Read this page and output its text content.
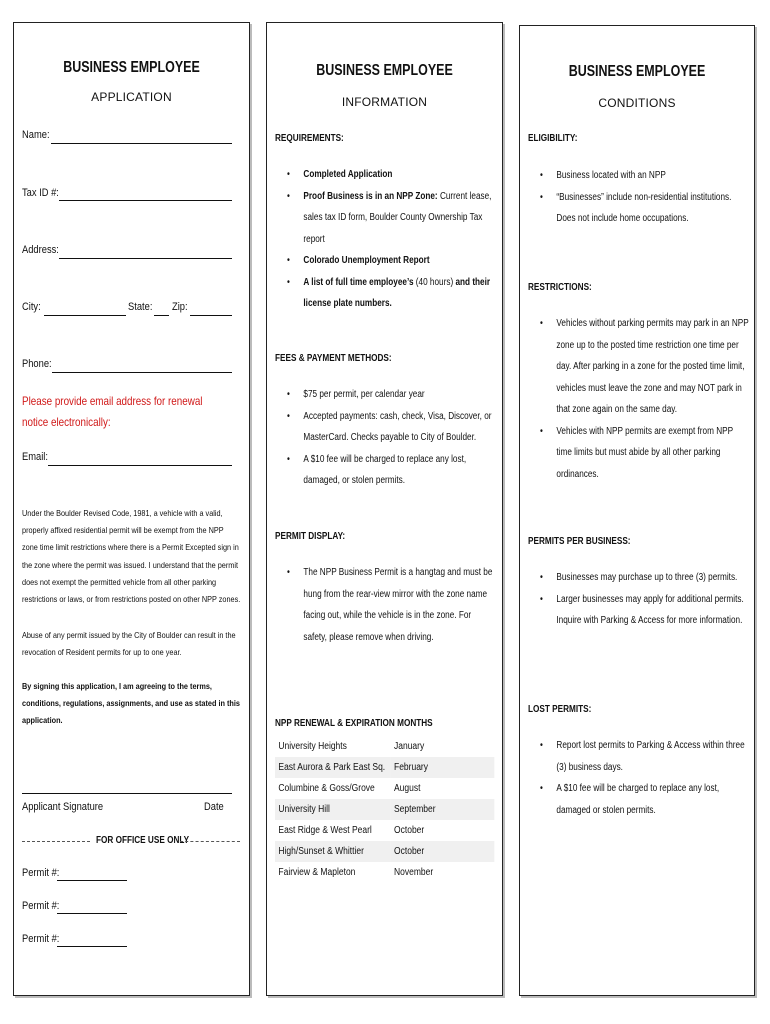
BUSINESS EMPLOYEE
APPLICATION
Name:
Tax ID #:
Address:
City:	State: Zip:
Phone:
Please provide email address for renewal notice electronically:
Email:
Under the Boulder Revised Code, 1981, a vehicle with a valid, properly affixed residential permit will be exempt from the NPP zone time limit restrictions where there is a Permit Excepted sign in the zone where the permit was issued. I understand that the permit does not exempt the permitted vehicle from all other parking restrictions or laws, or from restrictions posted on other NPP zones.
Abuse of any permit issued by the City of Boulder can result in the revocation of Resident permits for up to one year.
By signing this application, I am agreeing to the terms, conditions, regulations, assignments, and use as stated in this application.
Applicant Signature	Date
FOR OFFICE USE ONLY
Permit #:
Permit #:
Permit #:
BUSINESS EMPLOYEE
INFORMATION
REQUIREMENTS:
• Completed Application
• Proof Business is in an NPP Zone: Current lease, sales tax ID form, Boulder County Ownership Tax report
• Colorado Unemployment Report
• A list of full time employee’s (40 hours) and their license plate numbers.
FEES & PAYMENT METHODS:
• $75 per permit, per calendar year
• Accepted payments: cash, check, Visa, Discover, or MasterCard. Checks payable to City of Boulder.
• A $10 fee will be charged to replace any lost, damaged, or stolen permits.
PERMIT DISPLAY:
• The NPP Business Permit is a hangtag and must be hung from the rear-view mirror with the zone name facing out, while the vehicle is in the zone. For safety, please remove when driving.
NPP RENEWAL & EXPIRATION MONTHS
University Heights	January
East Aurora & Park East Sq.	February
Columbine & Goss/Grove	August
University Hill	September
East Ridge & West Pearl	October
High/Sunset & Whittier	October
Fairview & Mapleton	November
BUSINESS EMPLOYEE
CONDITIONS
ELIGIBILITY:
• Business located with an NPP
• “Businesses” include non-residential institutions. Does not include home occupations.
RESTRICTIONS:
• Vehicles without parking permits may park in an NPP zone up to the posted time restriction one time per day. After parking in a zone for the posted time limit, vehicles must leave the zone and may NOT park in that zone again on the same day.
• Vehicles with NPP permits are exempt from NPP time limits but must abide by all other parking ordinances.
PERMITS PER BUSINESS:
• Businesses may purchase up to three (3) permits.
• Larger businesses may apply for additional permits. Inquire with Parking & Access for more information.
LOST PERMITS:
• Report lost permits to Parking & Access within three (3) business days.
• A $10 fee will be charged to replace any lost, damaged or stolen permits.
